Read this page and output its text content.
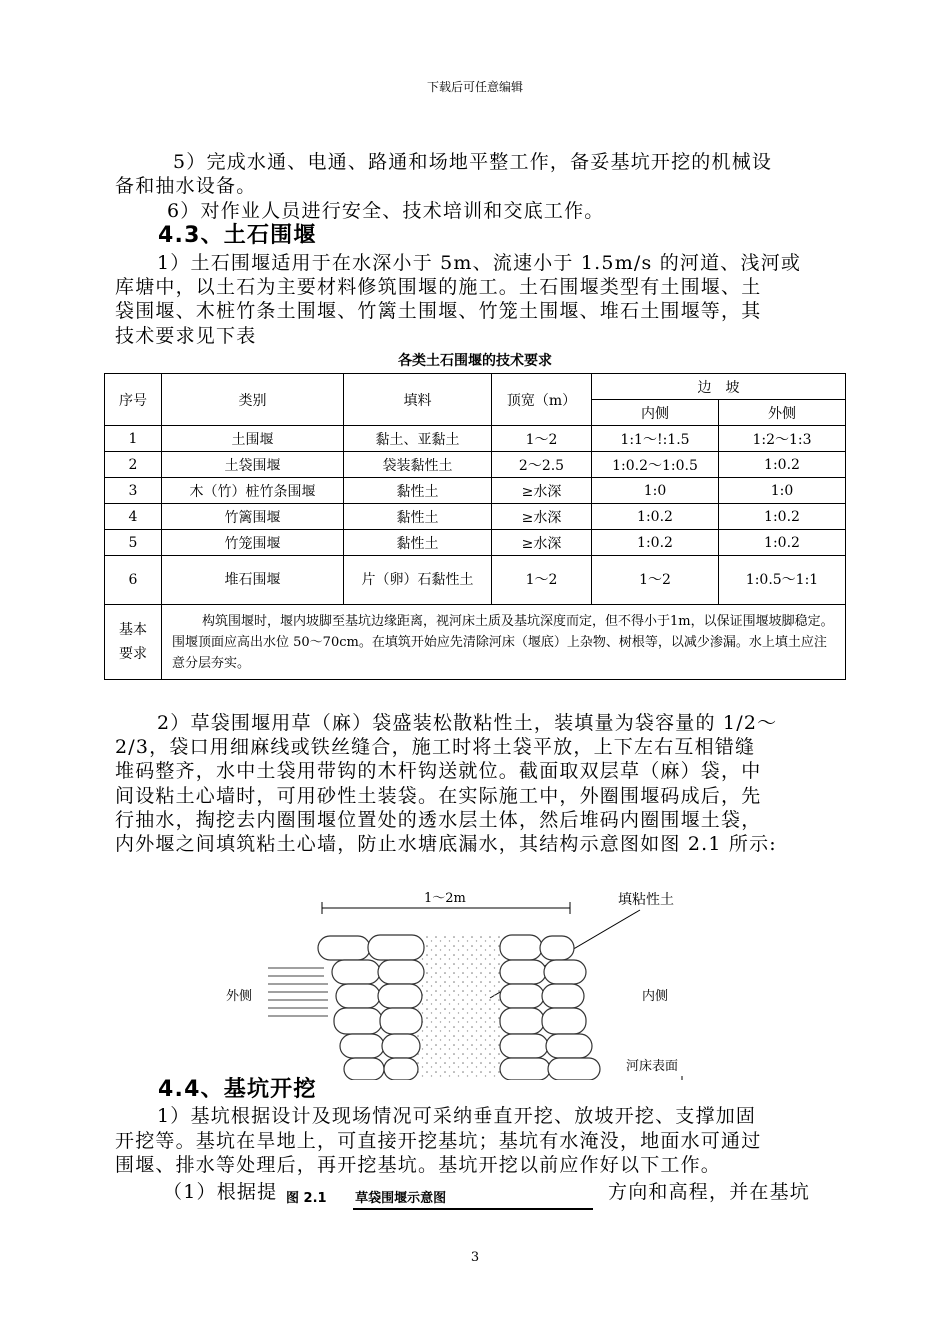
下载后可任意编辑
5）完成水通、电通、路通和场地平整工作，备妥基坑开挖的机械设
备和抽水设备。
6）对作业人员进行安全、技术培训和交底工作。
4.3、土石围堰
1）土石围堰适用于在水深小于 5m、流速小于 1.5m/s 的河道、浅河或
库塘中，以土石为主要材料修筑围堰的施工。土石围堰类型有土围堰、土
袋围堰、木桩竹条土围堰、竹篱土围堰、竹笼土围堰、堆石土围堰等，其
技术要求见下表
各类土石围堰的技术要求
序号	类别	填料	顶宽（m）	边　坡	
				内侧	外侧
1	土围堰	黏土、亚黏土	1～2	1:1～!:1.5	1:2～1:3
2	土袋围堰	袋装黏性土	2～2.5	1:0.2～1:0.5	1:0.2
3	木（竹）桩竹条围堰	黏性土	≥水深	1:0	1:0
4	竹篱围堰	黏性土	≥水深	1:0.2	1:0.2
5	竹笼围堰	黏性土	≥水深	1:0.2	1:0.2
6	堆石围堰	片（卵）石黏性土	1～2	1～2	1:0.5～1:1
基本要求	构筑围堰时，堰内坡脚至基坑边缘距离，视河床土质及基坑深度而定，但不得小于1m，以保证围堰坡脚稳定。围堰顶面应高出水位 50～70cm。在填筑开始应先清除河床（堰底）上杂物、树根等，以减少渗漏。水上填土应注意分层夯实。				
2）草袋围堰用草（麻）袋盛装松散粘性土，装填量为袋容量的 1/2～
2/3，袋口用细麻线或铁丝缝合，施工时将土袋平放，上下左右互相错缝
堆码整齐，水中土袋用带钩的木杆钩送就位。截面取双层草（麻）袋，中
间设粘土心墙时，可用砂性土装袋。在实际施工中，外圈围堰码成后，先
行抽水，掏挖去内圈围堰位置处的透水层土体，然后堆码内圈围堰土袋，
内外堰之间填筑粘土心墙，防止水塘底漏水，其结构示意图如图 2.1 所示:
1～2m	填粘性土
外侧	内侧
河床表面
4.4、基坑开挖
1）基坑根据设计及现场情况可采纳垂直开挖、放坡开挖、支撑加固
开挖等。基坑在旱地上，可直接开挖基坑；基坑有水淹没，地面水可通过
围堰、排水等处理后，再开挖基坑。基坑开挖以前应作好以下工作。
（1）根据提	方向和高程，并在基坑
图 2.1 草袋围堰示意图
3
